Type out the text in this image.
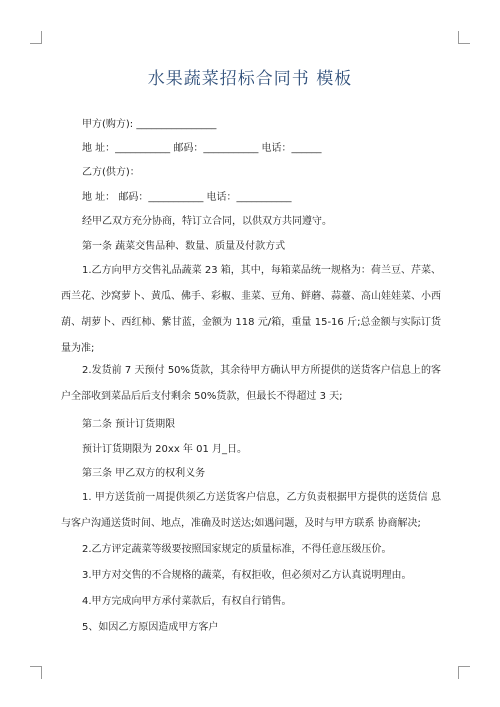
水果蔬菜招标合同书 模板
甲方(购方): ________________
地 址：___________ 邮码：___________ 电话：______
乙方(供方)：
地 址： 邮码：___________ 电话：___________
经甲乙双方充分协商，特订立合同，以供双方共同遵守。
第一条 蔬菜交售品种、数量、质量及付款方式
1.乙方向甲方交售礼品蔬菜 23 箱，其中，每箱菜品统一规格为：荷兰豆、芹菜、西兰花、沙窝萝卜、黄瓜、佛手、彩椒、韭菜、豆角、鲜蘑、蒜薹、高山娃娃菜、小西葫、胡萝卜、西红柿、紫甘蓝，金额为 118 元/箱，重量 15-16 斤;总金额与实际订货量为准;
2.发货前 7 天预付 50%货款，其余待甲方确认甲方所提供的送货客户信息上的客户全部收到菜品后后支付剩余 50%货款，但最长不得超过 3 天;
第二条 预计订货期限
预计订货期限为 20xx 年 01 月_日。
第三条 甲乙双方的权利义务
1. 甲方送货前一周提供须乙方送货客户信息，乙方负责根据甲方提供的送货信 息与客户沟通送货时间、地点，准确及时送达;如遇问题，及时与甲方联系 协商解决;
2.乙方评定蔬菜等级要按照国家规定的质量标准，不得任意压级压价。
3.甲方对交售的不合规格的蔬菜，有权拒收，但必须对乙方认真说明理由。
4.甲方完成向甲方承付菜款后，有权自行销售。
5、如因乙方原因造成甲方客户
